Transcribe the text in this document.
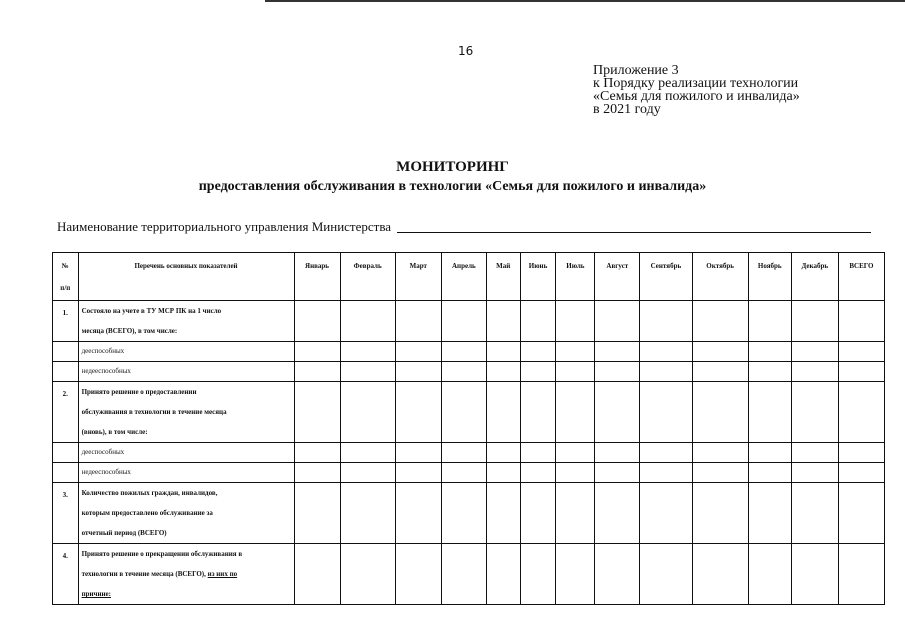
16
Приложение 3
к Порядку реализации технологии
«Семья для пожилого и инвалида»
в 2021 году
МОНИТОРИНГ
предоставления обслуживания в технологии «Семья для пожилого и инвалида»
Наименование территориального управления Министерства
№
п/п	Перечень основных показателей	Январь	Февраль	Март	Апрель	Май	Июнь	Июль	Август	Сентябрь	Октябрь	Ноябрь	Декабрь	ВСЕГО
1.	Состояло на учете в ТУ МСР ПК на 1 число
месяца (ВСЕГО), в том числе:													

	дееспособных													
	недееспособных													
2.	Принято решение о предоставлении
обслуживания в технологии в течение месяца
(вновь), в том числе:													

	дееспособных													
	недееспособных													
3.	Количество пожилых граждан, инвалидов,
которым предоставлено обслуживание за
отчетный период (ВСЕГО)													

4.	Принято решение о прекращении обслуживания в
технологии в течение месяца (ВСЕГО), из них по
причине:													
